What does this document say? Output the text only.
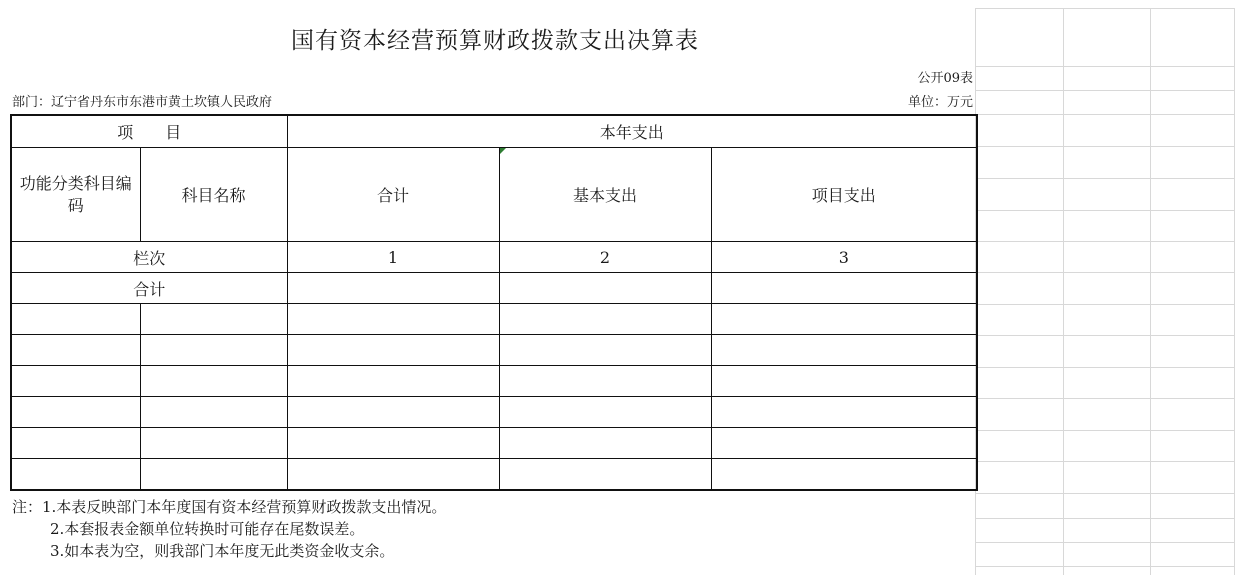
国有资本经营预算财政拨款支出决算表
公开09表
部门：辽宁省丹东市东港市黄土坎镇人民政府	单位：万元
项　　目		本年支出		
功能分类科目编码	科目名称	合计	基本支出	项目支出
栏次		1	2	3
合计				

注：1.本表反映部门本年度国有资本经营预算财政拨款支出情况。
2.本套报表金额单位转换时可能存在尾数误差。
3.如本表为空，则我部门本年度无此类资金收支余。
